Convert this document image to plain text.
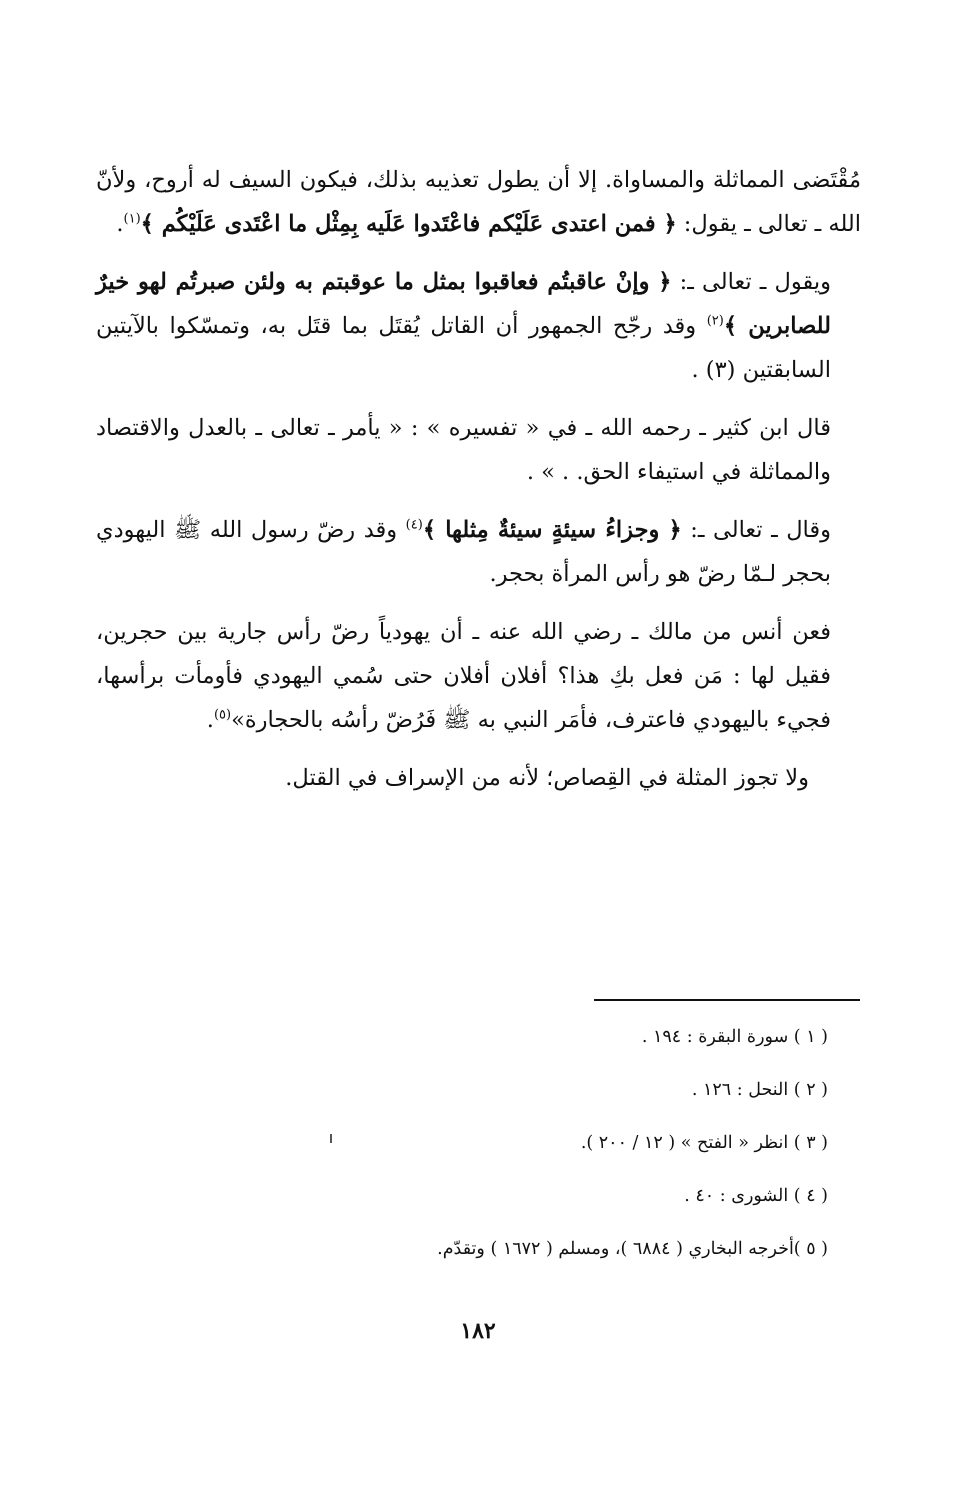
مُقْتَضى المماثلة والمساواة. إلا أن يطول تعذيبه بذلك، فيكون السيف له أروح، ولأنّ الله ـ تعالى ـ يقول: ﴿ فمن اعتدى عَلَيْكم فاعْتَدوا عَلَيه بِمِثْل ما اعْتَدى عَلَيْكُم ﴾$^{(١)}$.

ويقول ـ تعالى ـ: ﴿ وإنْ عاقبتُم فعاقبوا بمثل ما عوقبتم به ولئن صبرتُم لهو خيرٌ للصابرين ﴾$^{(٢)}$ وقد رجّح الجمهور أن القاتل يُقتَل بما قتَل به، وتمسّكوا بالآيتين السابقتين (٣) .

قال ابن كثير ـ رحمه الله ـ في « تفسيره » : « يأمر ـ تعالى ـ بالعدل والاقتصاد والمماثلة في استيفاء الحق. . » .

وقال ـ تعالى ـ: ﴿ وجزاءُ سيئةٍ سيئةٌ مِثلها ﴾$^{(٤)}$ وقد رضّ رسول الله ﷺ اليهودي بحجر لـمّا رضّ هو رأس المرأة بحجر.

فعن أنس من مالك ـ رضي الله عنه ـ أن يهودياً رضّ رأس جارية بين حجرين، فقيل لها : مَن فعل بكِ هذا؟ أفلان أفلان حتى سُمي اليهودي فأومأت برأسها، فجيء باليهودي فاعترف، فأمَر النبي به ﷺ فَرُضّ رأسُه بالحجارة»$^{(٥)}$.

ولا تجوز المثلة في القِصاص؛ لأنه من الإسراف في القتل.
( ١ ) سورة البقرة : ١٩٤ .
( ٢ ) النحل : ١٢٦ .
( ٣ ) انظر « الفتح » ( ١٢ / ٢٠٠ ).
( ٤ ) الشورى : ٤٠ .
( ٥ )أخرجه البخاري ( ٦٨٨٤ )، ومسلم ( ١٦٧٢ ) وتقدّم.
١٨٢
